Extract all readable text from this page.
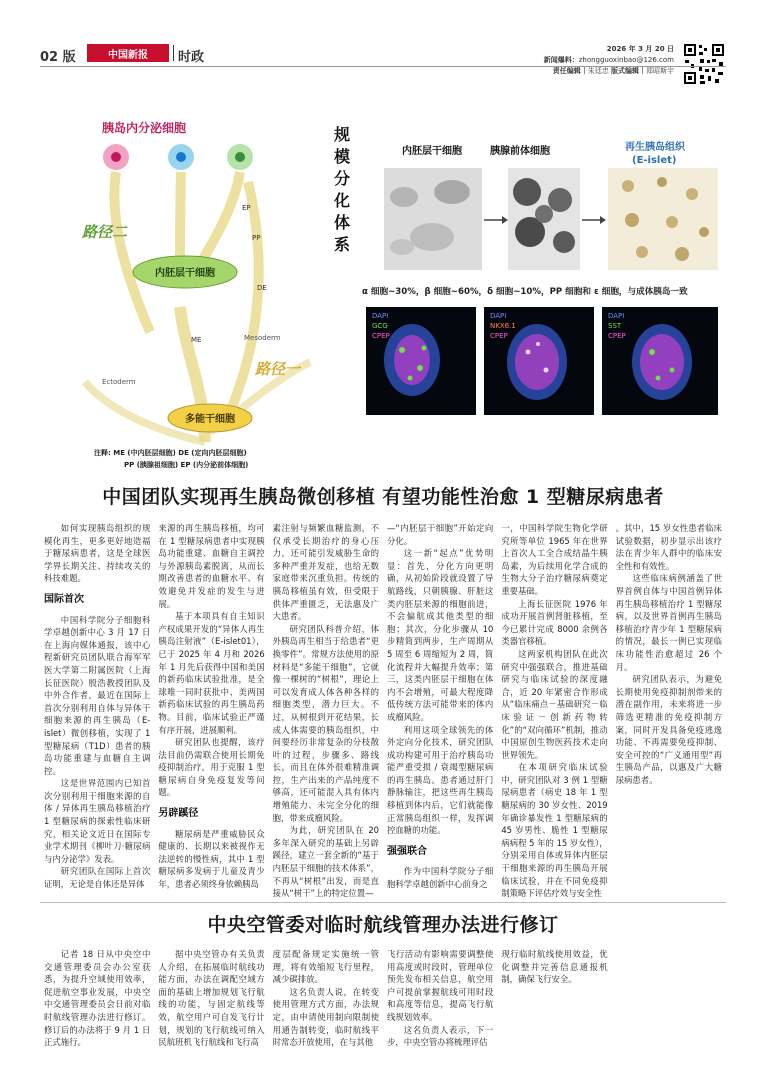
02 版	中国新报	时政
2026 年 3 月 20 日
新闻爆料：zhongguoxinbao@126.com
责任编辑｜朱廷忠 版式编辑｜郑昭斯宇
胰岛内分泌细胞
内胚层干细胞
多能干细胞
路径二
路径一
EP
PP
DE
ME	Mesoderm
Ectoderm
注释: ME (中内胚层细胞) DE (定向内胚层细胞)
PP (胰腺祖细胞) EP (内分泌前体细胞)
规
模
分
化
体
系
内胚层干细胞	胰腺前体细胞	再生胰岛组织
(E-islet)
α 细胞~30%，β 细胞~60%，δ 细胞~10%，PP 细胞和 ε 细胞，与成体胰岛一致
DAPI
GCG
CPEP
DAPI
NKX6.1
CPEP
DAPI
SST
CPEP
中国团队实现再生胰岛微创移植 有望功能性治愈 1 型糖尿病患者

如何实现胰岛组织的规模化再生，更多更好地造福于糖尿病患者，这是全球医学界长期关注、持续攻关的科技难题。

国际首次

中国科学院分子细胞科学卓越创新中心 3 月 17 日在上海向媒体通报，该中心程新研究员团队联合海军军医大学第二附属医院（上海长征医院）殷浩教授团队及中外合作者，最近在国际上首次分别利用自体与异体干细胞来源的再生胰岛（E-islet）微创移植，实现了 1 型糖尿病（T1D）患者的胰岛功能重建与血糖自主调控。

这是世界范围内已知首次分别利用干细胞来源的自体 / 异体再生胰岛移植治疗 1 型糖尿病的探索性临床研究，相关论文近日在国际专业学术期刊《柳叶刀·糖尿病与内分泌学》发表。

研究团队在国际上首次证明，无论是自体还是异体

来源的再生胰岛移植，均可在 1 型糖尿病患者中实现胰岛功能重建、血糖自主调控与外源胰岛素脱离，从而长期改善患者的血糖水平、有效避免并发症的发生与进展。

基于本项具有自主知识产权成果开发的“异体人再生胰岛注射液”（E-islet01），已于 2025 年 4 月和 2026 年 1 月先后获得中国和美国的新药临床试验批准，是全球唯一同时获批中、美两国新药临床试验的再生胰岛药物。目前，临床试验正严谨有序开展，进展顺利。

研究团队也提醒，该疗法目前仍需联合使用长期免疫抑制治疗，用于克服 1 型糖尿病自身免疫复发等问题。

另辟蹊径

糖尿病是严重威胁民众健康的、长期以来被视作无法逆转的慢性病，其中 1 型糖尿病多发病于儿童及青少年，患者必须终身依赖胰岛

素注射与频繁血糖监测，不仅承受长期治疗的身心压力，还可能引发威胁生命的多种严重并发症，也给无数家庭带来沉重负担。传统的胰岛移植虽有效，但受限于供体严重匮乏，无法惠及广大患者。

研究团队科普介绍，体外胰岛再生相当于给患者“更换零件”。常规方法使用的原材料是“多能干细胞”，它就像一棵树的“树根”，理论上可以发育成人体各种各样的细胞类型，潜力巨大。不过，从树根到开花结果，长成人体需要的胰岛组织，中间要经历非常复杂的分枝散叶的过程，步骤多、路线长，而且在体外很难精准调控，生产出来的产品纯度不够高，还可能混入具有体内增殖能力、未完全分化的细胞，带来成瘤风险。

为此，研究团队在 20 多年深入研究的基础上另辟蹊径，建立一套全新的“基于内胚层干细胞的技术体系”，不再从“树根”出发，而是直接从“树干”上的特定位置—

—“内胚层干细胞”开始定向分化。

这一新“起点”优势明显：首先，分化方向更明确，从初始阶段就设置了导航路线，只朝胰腺、肝脏这类内胚层来源的细胞前进，不会偏航成其他类型的细胞；其次，分化步骤从 10 步精简到两步，生产周期从 5 周至 6 周缩短为 2 周，简化流程并大幅提升效率；第三，这类内胚层干细胞在体内不会增殖，可最大程度降低传统方法可能带来的体内成瘤风险。

利用这项全球领先的体外定向分化技术，研究团队成功构建可用于治疗胰岛功能严重受损 / 衰竭型糖尿病的再生胰岛。患者通过肝门静脉输注，把这些再生胰岛移植到体内后，它们就能像正常胰岛组织一样，发挥调控血糖的功能。

强强联合

作为中国科学院分子细胞科学卓越创新中心前身之

一，中国科学院生物化学研究所等单位 1965 年在世界上首次人工全合成结晶牛胰岛素，为后续用化学合成的生物大分子治疗糖尿病奠定重要基础。

上海长征医院 1976 年成功开展首例肾脏移植，至今已累计完成 8000 余例各类器官移植。

这两家机构团队在此次研究中强强联合，推进基础研究与临床试验的深度融合，近 20 年紧密合作形成从“临床痛点－基础研究－临床验证－创新药物转化”的“双向循环”机制，推动中国原创生物医药技术走向世界领先。

在本项研究临床试验中，研究团队对 3 例 1 型糖尿病患者（病史 18 年 1 型糖尿病的 30 岁女性、2019 年确诊暴发性 1 型糖尿病的 45 岁男性、脆性 1 型糖尿病病程 5 年的 15 岁女性），分别采用自体或异体内胚层干细胞来源的再生胰岛开展临床试验，并在不同免疫抑制策略下评估疗效与安全性

。其中，15 岁女性患者临床试验数据，初步显示出该疗法在青少年人群中的临床安全性和有效性。

这些临床病例涵盖了世界首例自体与中国首例异体再生胰岛移植治疗 1 型糖尿病，以及世界首例再生胰岛移植治疗青少年 1 型糖尿病的情况，最长一例已实现临床功能性治愈超过 26 个月。

研究团队表示，为避免长期使用免疫抑制剂带来的潜在副作用，未来将进一步筛选更精准的免疫抑制方案，同时开发具备免疫逃逸功能、不再需要免疫抑制、安全可控的“广义通用型”再生胰岛产品，以惠及广大糖尿病患者。

中央空管委对临时航线管理办法进行修订

记者 18 日从中央空中交通管理委员会办公室获悉，为提升空域使用效率，促进航空事业发展，中央空中交通管理委员会日前对临时航线管理办法进行修订。修订后的办法将于 9 月 1 日正式施行。

据中央空管办有关负责人介绍，在拓展临时航线功能方面，办法在调配空域方面的基础上增加规划飞行航线的功能，与固定航线等效，航空用户可自发飞行计划，规划的飞行航线可纳入民航班机飞行航线和飞行高

度层配备规定实施统一管理，将有效缩短飞行里程，减少碳排放。

这名负责人说，在转变使用管理方式方面，办法规定，由申请使用制向限制使用通告制转变，临时航线平时常态开放使用，在与其他

飞行活动有影响需要调整使用高度或时段时，管理单位预先发布相关信息，航空用户可提前掌握航线可用时段和高度等信息，提高飞行航线规划效率。

这名负责人表示，下一步，中央空管办将梳理评估

现行临时航线使用效益，优化调整并完善信息通报机制，确保飞行安全。
